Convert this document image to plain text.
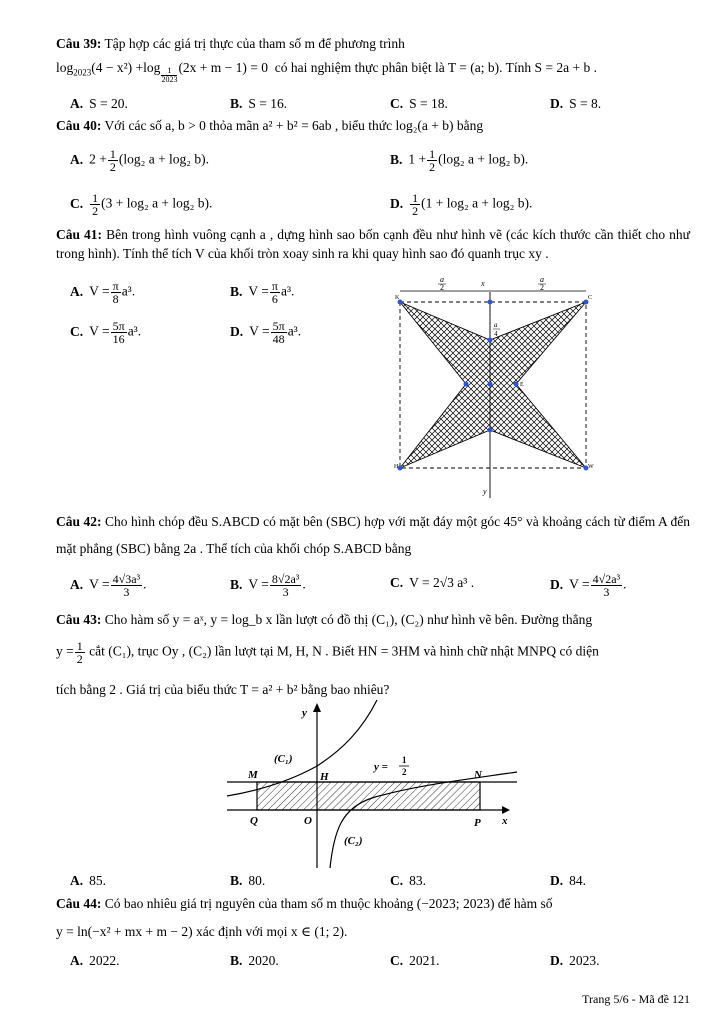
Câu 39: Tập hợp các giá trị thực của tham số m để phương trình
$\log_{2023}(4 - x^2) +\log \frac{1}{2023} (2x + m - 1) = 0$ có hai nghiệm thực phân biệt là T = (a; b). Tính S = 2a + b .
A. S = 20.	B. S = 16.	C. S = 18.	D. S = 8.
Câu 40: Với các số a, b > 0 thỏa mãn a² + b² = 6ab , biểu thức log₂(a + b) bằng
A. $2 + \frac{1}{2} (\log_2$ a + log₂ b).	B. $1 + \frac{1}{2} (\log_2$ a + log₂ b).
C. $\frac{1}{2} (3 + \log_2$ a + log₂ b).	D. $\frac{1}{2} (1 + \log_2$ a + log₂ b).
Câu 41: Bên trong hình vuông cạnh a , dựng hình sao bốn cạnh đều như hình vẽ (các kích thước cần thiết cho như trong hình). Tính thể tích V của khối tròn xoay sinh ra khi quay hình sao đó quanh trục xy .
A. $V = \frac{\pi}{8} a^3$.	B. $V = \frac{\pi}{6} a^3$.
C. $V = \frac{5\pi}{16} a^3$.	D. $V = \frac{5\pi}{48} a^3$.
a
2
a
2
x
a
4
y
K	C
E
H	W
Câu 42: Cho hình chóp đều S.ABCD có mặt bên (SBC) hợp với mặt đáy một góc 45° và khoảng cách từ điểm A đến mặt phẳng (SBC) bằng 2a . Thể tích của khối chóp S.ABCD bằng
A. $V = \frac{\text{4√3a³}}{3}$ .	B. $V = \frac{\text{8√2a³}}{3}$ .	C. V = 2√3 a³ .	D. $V = \frac{\text{4√2a³}}{3}$ .
Câu 43: Cho hàm số y = aˣ, y = log_b x lần lượt có đồ thị (C₁), (C₂) như hình vẽ bên. Đường thẳng
$y = \frac{1}{2}$ cắt (C₁), trục Oy , (C₂) lần lượt tại M, H, N . Biết HN = 3HM và hình chữ nhật MNPQ có diện
tích bằng 2 . Giá trị của biểu thức T = a² + b² bằng bao nhiêu?
y
x
(C₁)
(C₂)
y =
1
2
M	H	N
Q	O	P
A. 85.	B. 80.	C. 83.	D. 84.
Câu 44: Có bao nhiêu giá trị nguyên của tham số m thuộc khoảng (−2023; 2023) để hàm số
y = ln(−x² + mx + m − 2) xác định với mọi x ∈ (1; 2).
A. 2022.	B. 2020.	C. 2021.	D. 2023.
Trang 5/6 - Mã đề 121
